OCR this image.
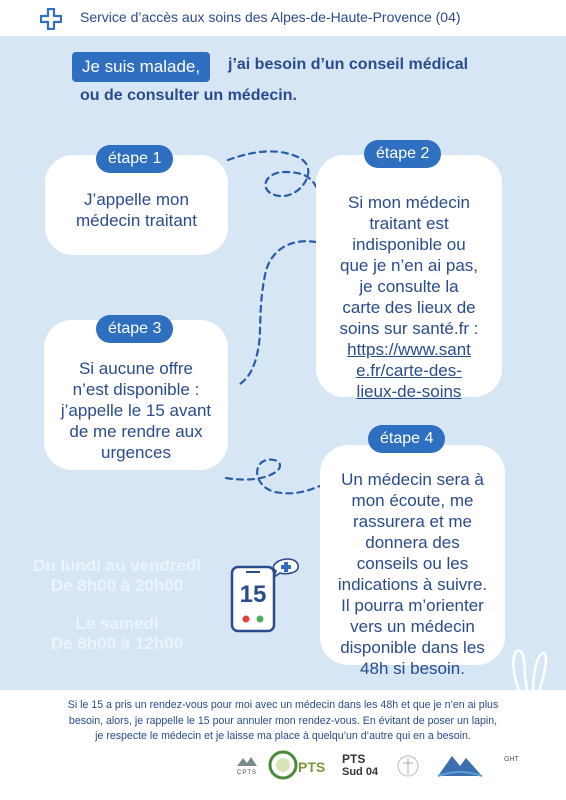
Service d’accès aux soins des Alpes-de-Haute-Provence (04)
Je suis malade,	j’ai besoin d’un conseil médical
ou de consulter un médecin.
J’appelle mon
médecin traitant
étape 1
Si mon médecin
traitant est
indisponible ou
que je n’en ai pas,
je consulte la
carte des lieux de
soins sur santé.fr :
https://www.sant
e.fr/carte-des-
lieux-de-soins
étape 2
Si aucune offre
n’est disponible :
j’appelle le 15 avant
de me rendre aux
urgences
étape 3
Un médecin sera à
mon écoute, me
rassurera et me
donnera des
conseils ou les
indications à suivre.
Il pourra m’orienter
vers un médecin
disponible dans les
48h si besoin.
étape 4
Du lundi au vendredi
De 8h00 à 20h00
Le samedi
De 8h00 à 12h00
15
Si le 15 a pris un rendez-vous pour moi avec un médecin dans les 48h et que je n’en ai plus
besoin, alors, je rappelle le 15 pour annuler mon rendez-vous. En évitant de poser un lapin,
je respecte le médecin et je laisse ma place à quelqu’un d’autre qui en a besoin.
CPTS	PTS PTS
Sud 04
GHT
